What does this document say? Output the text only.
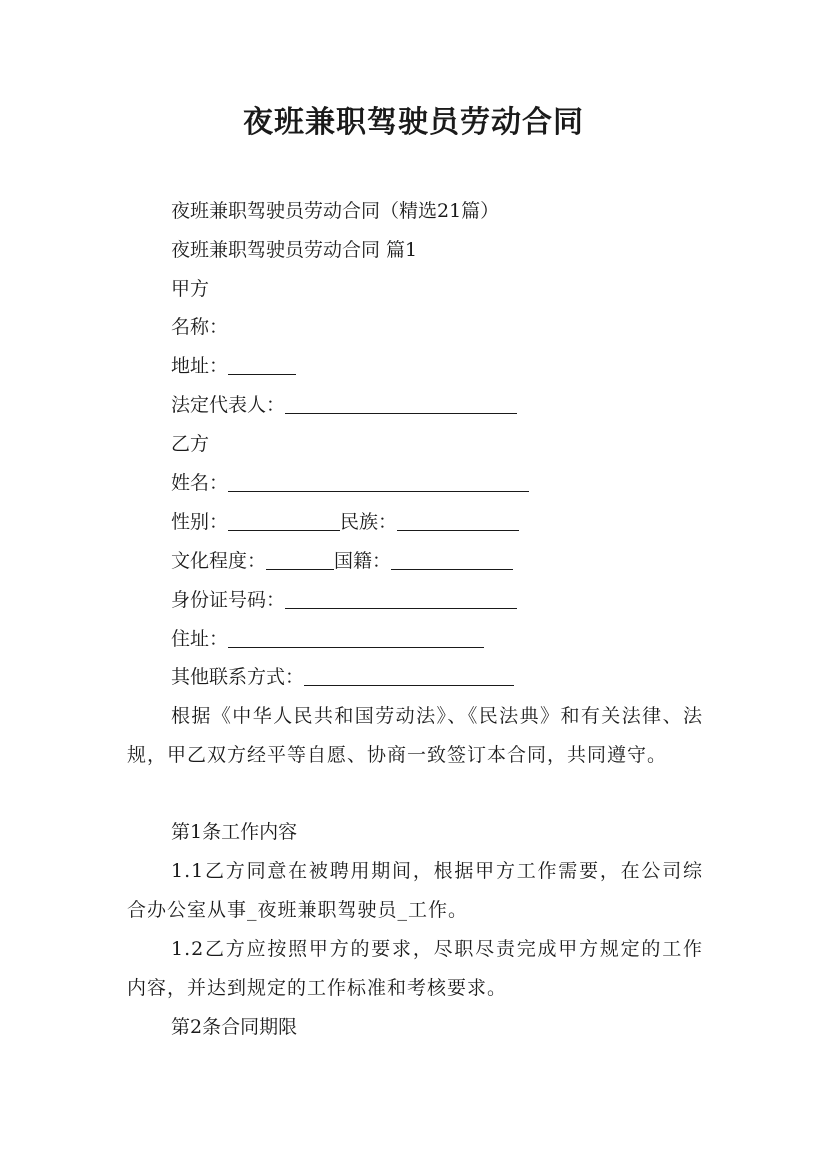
夜班兼职驾驶员劳动合同
夜班兼职驾驶员劳动合同（精选21篇）
夜班兼职驾驶员劳动合同 篇1
甲方
名称：
地址：
法定代表人：
乙方
姓名：
性别：	民族：
文化程度：	国籍：
身份证号码：
住址：
其他联系方式：
根据《中华人民共和国劳动法》、《民法典》和有关法律、法规，甲乙双方经平等自愿、协商一致签订本合同，共同遵守。
第1条工作内容
1.1乙方同意在被聘用期间，根据甲方工作需要，在公司综合办公室从事_夜班兼职驾驶员_工作。
1.2乙方应按照甲方的要求，尽职尽责完成甲方规定的工作内容，并达到规定的工作标准和考核要求。
第2条合同期限
